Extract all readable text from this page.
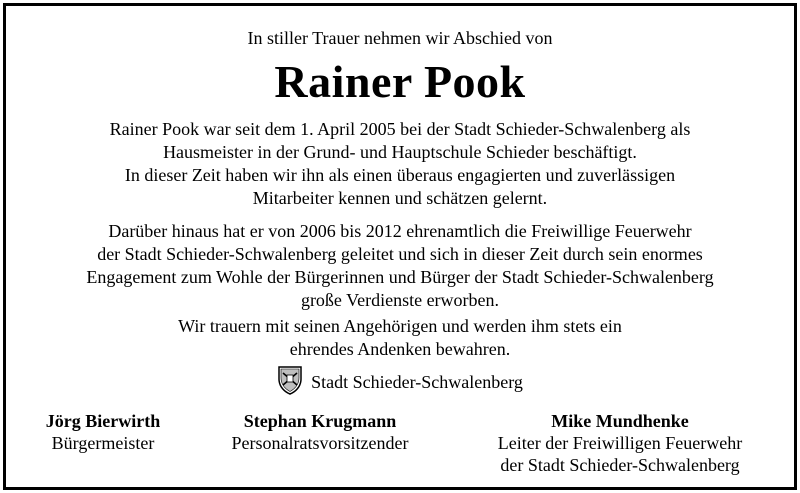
In stiller Trauer nehmen wir Abschied von
Rainer Pook
Rainer Pook war seit dem 1. April 2005 bei der Stadt Schieder-Schwalenberg als
Hausmeister in der Grund- und Hauptschule Schieder beschäftigt.
In dieser Zeit haben wir ihn als einen überaus engagierten und zuverlässigen
Mitarbeiter kennen und schätzen gelernt.
Darüber hinaus hat er von 2006 bis 2012 ehrenamtlich die Freiwillige Feuerwehr
der Stadt Schieder-Schwalenberg geleitet und sich in dieser Zeit durch sein enormes
Engagement zum Wohle der Bürgerinnen und Bürger der Stadt Schieder-Schwalenberg
große Verdienste erworben.
Wir trauern mit seinen Angehörigen und werden ihm stets ein
ehrendes Andenken bewahren.
Stadt Schieder-Schwalenberg
Jörg Bierwirth
Bürgermeister
Stephan Krugmann
Personalratsvorsitzender
Mike Mundhenke
Leiter der Freiwilligen Feuerwehr
der Stadt Schieder-Schwalenberg
